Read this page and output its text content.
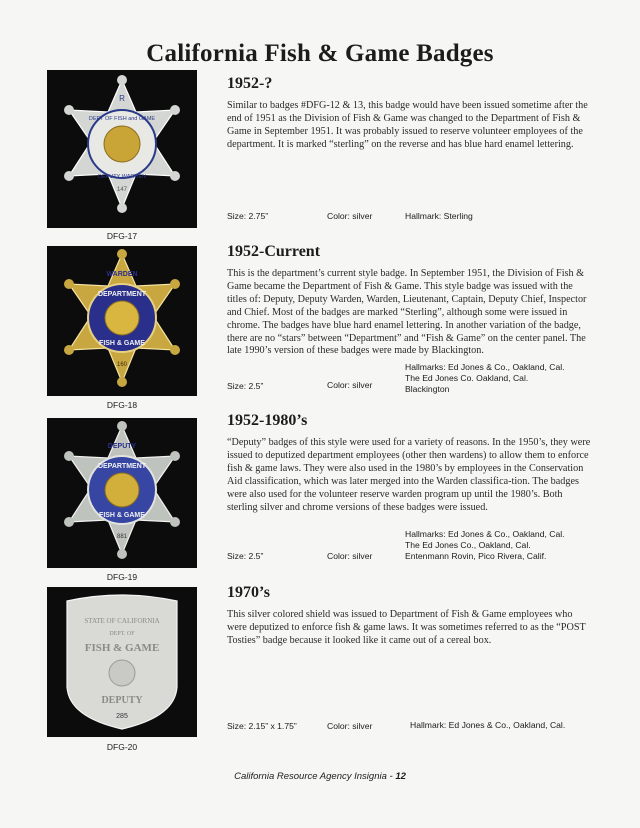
California Fish & Game Badges
R
DEPT OF FISH and GAME
DEPUTY WARDEN
147
DFG-17
1952-?

Similar to badges #DFG-12 & 13, this badge would have been issued sometime after the end of 1951 as the Division of Fish & Game was changed to the Department of Fish & Game in September 1951. It was probably issued to reserve volunteer employees of the department. It is marked “sterling” on the reverse and has blue hard enamel lettering.

Size: 2.75”	Color: silver	Hallmark: Sterling
WARDEN
DEPARTMENT
FISH & GAME
160
DFG-18
1952-Current

This is the department’s current style badge. In September 1951, the Division of Fish & Game became the Department of Fish & Game. This style badge was issued with the titles of: Deputy, Deputy Warden, Warden, Lieutenant, Captain, Deputy Chief, Inspector and Chief. Most of the badges are marked “Sterling”, although some were issued in chrome. The badges have blue hard enamel lettering. In another variation of the badge, there are no “stars” between “Department” and “Fish & Game” on the center panel. The late 1990’s version of these badges were made by Blackington.

Size: 2.5”	Color: silver
Hallmarks: Ed Jones & Co., Oakland, Cal.
The Ed Jones Co. Oakland, Cal.
Blackington
DEPUTY
DEPARTMENT
FISH & GAME
881
DFG-19
1952-1980’s

“Deputy” badges of this style were used for a variety of reasons. In the 1950’s, they were issued to deputized department employees (other then wardens) to allow them to enforce fish & game laws. They were also used in the 1980’s by employees in the Conservation Aid classification, which was later merged into the Warden classifica-tion. The badges were also used for the volunteer reserve warden program up until the 1980’s. Both sterling silver and chrome versions of these badges were issued.

Size: 2.5”	Color: silver
Hallmarks: Ed Jones & Co., Oakland, Cal.
The Ed Jones Co., Oakland, Cal.
Entenmann Rovin, Pico Rivera, Calif.
STATE OF CALIFORNIA
DEPT. OF
FISH & GAME
DEPUTY
285
DFG-20
1970’s

This silver colored shield was issued to Department of Fish & Game employees who were deputized to enforce fish & game laws. It was sometimes referred to as the “POST Tosties” badge because it looked like it came out of a cereal box.

Size: 2.15” x 1.75”	Color: silver	Hallmark: Ed Jones & Co., Oakland, Cal.
California Resource Agency Insignia - 12
